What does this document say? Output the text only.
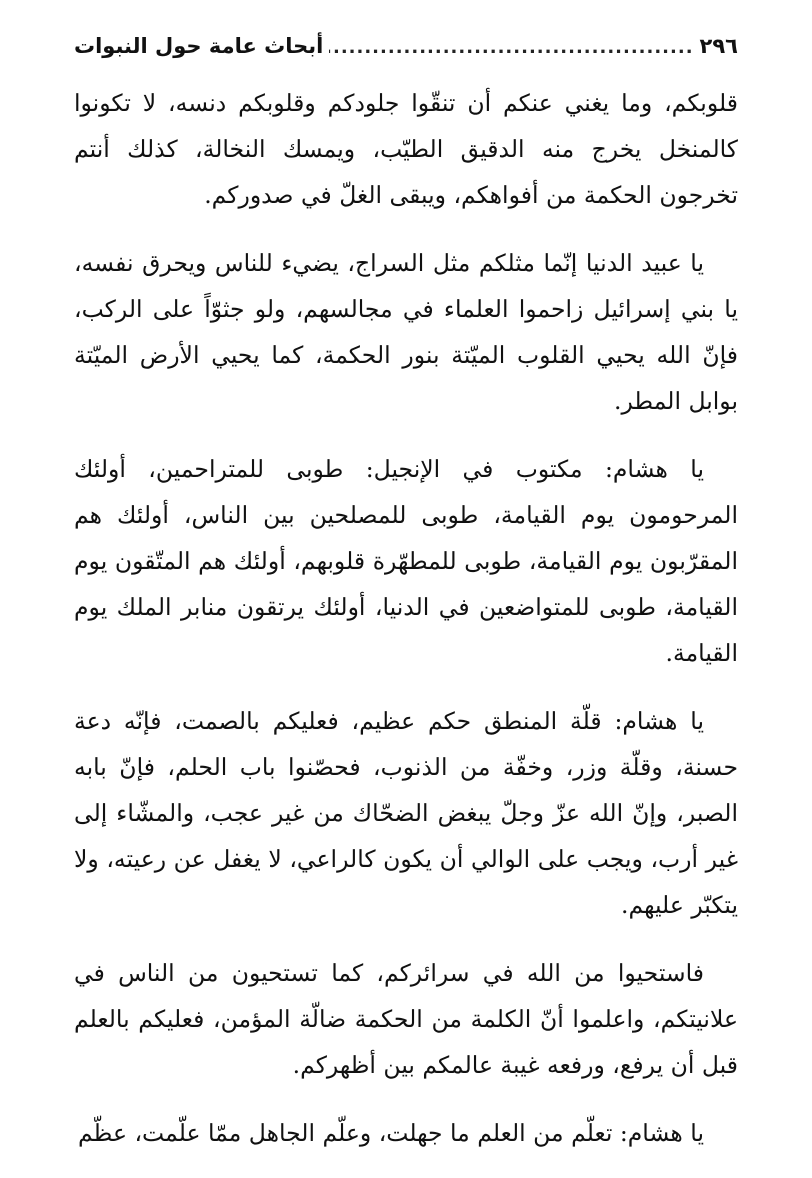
٢٩٦
.....
أبحاث عامة حول النبوات

قلوبكم، وما يغني عنكم أن تنقّوا جلودكم وقلوبكم دنسه، لا تكونوا كالمنخل يخرج منه الدقيق الطيّب، ويمسك النخالة، كذلك أنتم تخرجون الحكمة من أفواهكم، ويبقى الغلّ في صدوركم.

يا عبيد الدنيا إنّما مثلكم مثل السراج، يضيء للناس ويحرق نفسه، يا بني إسرائيل زاحموا العلماء في مجالسهم، ولو جثوّاً على الركب، فإنّ الله يحيي القلوب الميّتة بنور الحكمة، كما يحيي الأرض الميّتة بوابل المطر.

يا هشام: مكتوب في الإنجيل: طوبى للمتراحمين، أولئك المرحومون يوم القيامة، طوبى للمصلحين بين الناس، أولئك هم المقرّبون يوم القيامة، طوبى للمطهّرة قلوبهم، أولئك هم المتّقون يوم القيامة، طوبى للمتواضعين في الدنيا، أولئك يرتقون منابر الملك يوم القيامة.

يا هشام: قلّة المنطق حكم عظيم، فعليكم بالصمت، فإنّه دعة حسنة، وقلّة وزر، وخفّة من الذنوب، فحصّنوا باب الحلم، فإنّ بابه الصبر، وإنّ الله عزّ وجلّ يبغض الضحّاك من غير عجب، والمشّاء إلى غير أرب، ويجب على الوالي أن يكون كالراعي، لا يغفل عن رعيته، ولا يتكبّر عليهم.

فاستحيوا من الله في سرائركم، كما تستحيون من الناس في علانيتكم، واعلموا أنّ الكلمة من الحكمة ضالّة المؤمن، فعليكم بالعلم قبل أن يرفع، ورفعه غيبة عالمكم بين أظهركم.

يا هشام: تعلّم من العلم ما جهلت، وعلّم الجاهل ممّا علّمت، عظّم
